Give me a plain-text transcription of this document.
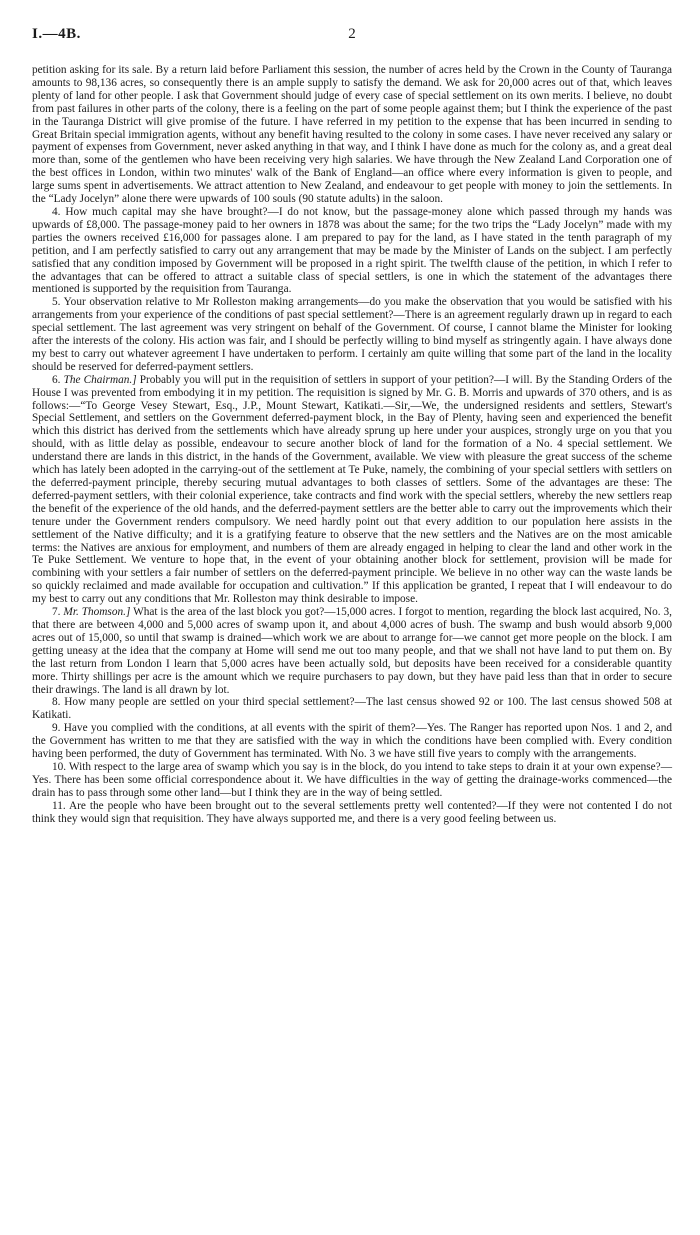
I.—4B.	2

petition asking for its sale. By a return laid before Parliament this session, the number of acres held by the Crown in the County of Tauranga amounts to 98,136 acres, so consequently there is an ample supply to satisfy the demand. We ask for 20,000 acres out of that, which leaves plenty of land for other people. I ask that Government should judge of every case of special settlement on its own merits. I believe, no doubt from past failures in other parts of the colony, there is a feeling on the part of some people against them; but I think the experience of the past in the Tauranga District will give promise of the future. I have referred in my petition to the expense that has been incurred in sending to Great Britain special immigration agents, without any benefit having resulted to the colony in some cases. I have never received any salary or payment of expenses from Government, never asked anything in that way, and I think I have done as much for the colony as, and a great deal more than, some of the gentlemen who have been receiving very high salaries. We have through the New Zealand Land Corporation one of the best offices in London, within two minutes' walk of the Bank of England—an office where every information is given to people, and large sums spent in advertisements. We attract attention to New Zealand, and endeavour to get people with money to join the settlements. In the “Lady Jocelyn” alone there were upwards of 100 souls (90 statute adults) in the saloon.

4. How much capital may she have brought?—I do not know, but the passage-money alone which passed through my hands was upwards of £8,000. The passage-money paid to her owners in 1878 was about the same; for the two trips the “Lady Jocelyn” made with my parties the owners received £16,000 for passages alone. I am prepared to pay for the land, as I have stated in the tenth paragraph of my petition, and I am perfectly satisfied to carry out any arrangement that may be made by the Minister of Lands on the subject. I am perfectly satisfied that any condition imposed by Government will be proposed in a right spirit. The twelfth clause of the petition, in which I refer to the advantages that can be offered to attract a suitable class of special settlers, is one in which the statement of the advantages there mentioned is supported by the requisition from Tauranga.

5. Your observation relative to Mr Rolleston making arrangements—do you make the observation that you would be satisfied with his arrangements from your experience of the conditions of past special settlement?—There is an agreement regularly drawn up in regard to each special settlement. The last agreement was very stringent on behalf of the Government. Of course, I cannot blame the Minister for looking after the interests of the colony. His action was fair, and I should be perfectly willing to bind myself as stringently again. I have always done my best to carry out whatever agreement I have undertaken to perform. I certainly am quite willing that some part of the land in the locality should be reserved for deferred-payment settlers.

6. The Chairman.] Probably you will put in the requisition of settlers in support of your petition?—I will. By the Standing Orders of the House I was prevented from embodying it in my petition. The requisition is signed by Mr. G. B. Morris and upwards of 370 others, and is as follows:—“To George Vesey Stewart, Esq., J.P., Mount Stewart, Katikati.—Sir,—We, the undersigned residents and settlers, Stewart's Special Settlement, and settlers on the Government deferred-payment block, in the Bay of Plenty, having seen and experienced the benefit which this district has derived from the settlements which have already sprung up here under your auspices, strongly urge on you that you should, with as little delay as possible, endeavour to secure another block of land for the formation of a No. 4 special settlement. We understand there are lands in this district, in the hands of the Government, available. We view with pleasure the great success of the scheme which has lately been adopted in the carrying-out of the settlement at Te Puke, namely, the combining of your special settlers with settlers on the deferred-payment principle, thereby securing mutual advantages to both classes of settlers. Some of the advantages are these: The deferred-payment settlers, with their colonial experience, take contracts and find work with the special settlers, whereby the new settlers reap the benefit of the experience of the old hands, and the deferred-payment settlers are the better able to carry out the improvements which their tenure under the Government renders compulsory. We need hardly point out that every addition to our population here assists in the settlement of the Native difficulty; and it is a gratifying feature to observe that the new settlers and the Natives are on the most amicable terms: the Natives are anxious for employment, and numbers of them are already engaged in helping to clear the land and other work in the Te Puke Settlement. We venture to hope that, in the event of your obtaining another block for settlement, provision will be made for combining with your settlers a fair number of settlers on the deferred-payment principle. We believe in no other way can the waste lands be so quickly reclaimed and made available for occupation and cultivation.” If this application be granted, I repeat that I will endeavour to do my best to carry out any conditions that Mr. Rolleston may think desirable to impose.

7. Mr. Thomson.] What is the area of the last block you got?—15,000 acres. I forgot to mention, regarding the block last acquired, No. 3, that there are between 4,000 and 5,000 acres of swamp upon it, and about 4,000 acres of bush. The swamp and bush would absorb 9,000 acres out of 15,000, so until that swamp is drained—which work we are about to arrange for—we cannot get more people on the block. I am getting uneasy at the idea that the company at Home will send me out too many people, and that we shall not have land to put them on. By the last return from London I learn that 5,000 acres have been actually sold, but deposits have been received for a considerable quantity more. Thirty shillings per acre is the amount which we require purchasers to pay down, but they have paid less than that in order to secure their drawings. The land is all drawn by lot.

8. How many people are settled on your third special settlement?—The last census showed 92 or 100. The last census showed 508 at Katikati.

9. Have you complied with the conditions, at all events with the spirit of them?—Yes. The Ranger has reported upon Nos. 1 and 2, and the Government has written to me that they are satisfied with the way in which the conditions have been complied with. Every condition having been performed, the duty of Government has terminated. With No. 3 we have still five years to comply with the arrangements.

10. With respect to the large area of swamp which you say is in the block, do you intend to take steps to drain it at your own expense?—Yes. There has been some official correspondence about it. We have difficulties in the way of getting the drainage-works commenced—the drain has to pass through some other land—but I think they are in the way of being settled.

11. Are the people who have been brought out to the several settlements pretty well contented?—If they were not contented I do not think they would sign that requisition. They have always supported me, and there is a very good feeling between us.
